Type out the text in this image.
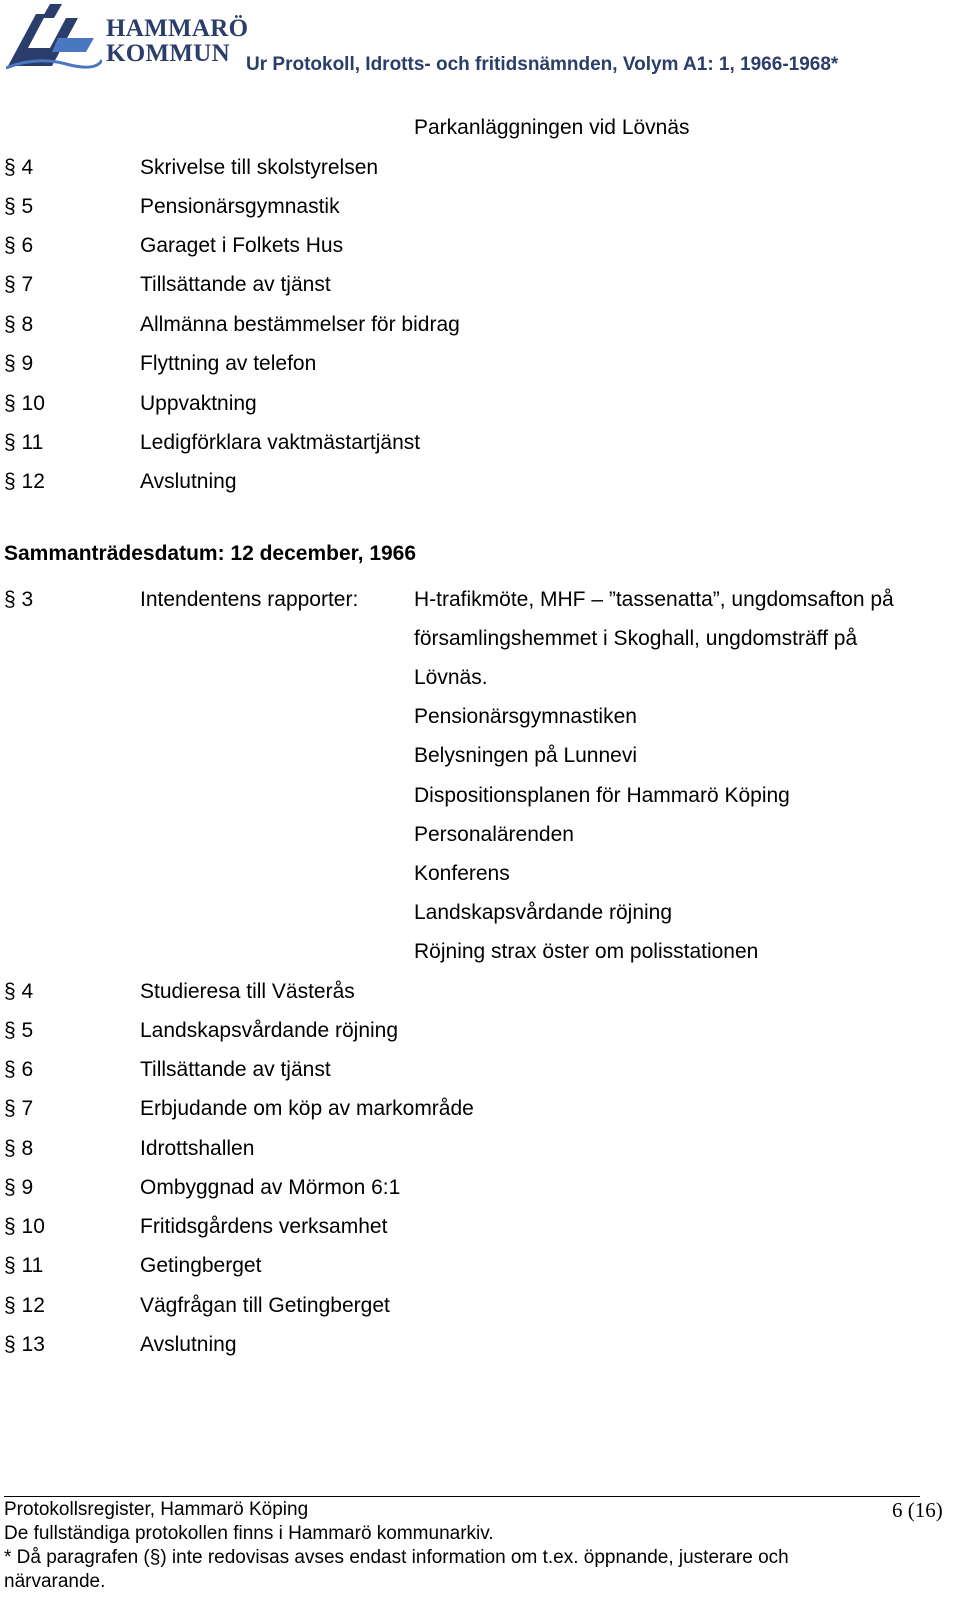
HAMMARÖ
KOMMUN Ur Protokoll, Idrotts- och fritidsnämnden, Volym A1: 1, 1966-1968*
Parkanläggningen vid Lövnäs
§ 4	Skrivelse till skolstyrelsen
§ 5	Pensionärsgymnastik
§ 6	Garaget i Folkets Hus
§ 7	Tillsättande av tjänst
§ 8	Allmänna bestämmelser för bidrag
§ 9	Flyttning av telefon
§ 10	Uppvaktning
§ 11	Ledigförklara vaktmästartjänst
§ 12	Avslutning
Sammanträdesdatum: 12 december, 1966
§ 3	Intendentens rapporter:	H-trafikmöte, MHF – ”tassenatta”, ungdomsafton på
församlingshemmet i Skoghall, ungdomsträff på
Lövnäs.
Pensionärsgymnastiken
Belysningen på Lunnevi
Dispositionsplanen för Hammarö Köping
Personalärenden
Konferens
Landskapsvårdande röjning
Röjning strax öster om polisstationen
§ 4	Studieresa till Västerås
§ 5	Landskapsvårdande röjning
§ 6	Tillsättande av tjänst
§ 7	Erbjudande om köp av markområde
§ 8	Idrottshallen
§ 9	Ombyggnad av Mörmon 6:1
§ 10	Fritidsgårdens verksamhet
§ 11	Getingberget
§ 12	Vägfrågan till Getingberget
§ 13	Avslutning
Protokollsregister, Hammarö Köping	6 (16)
De fullständiga protokollen finns i Hammarö kommunarkiv.
* Då paragrafen (§) inte redovisas avses endast information om t.ex. öppnande, justerare och
närvarande.
